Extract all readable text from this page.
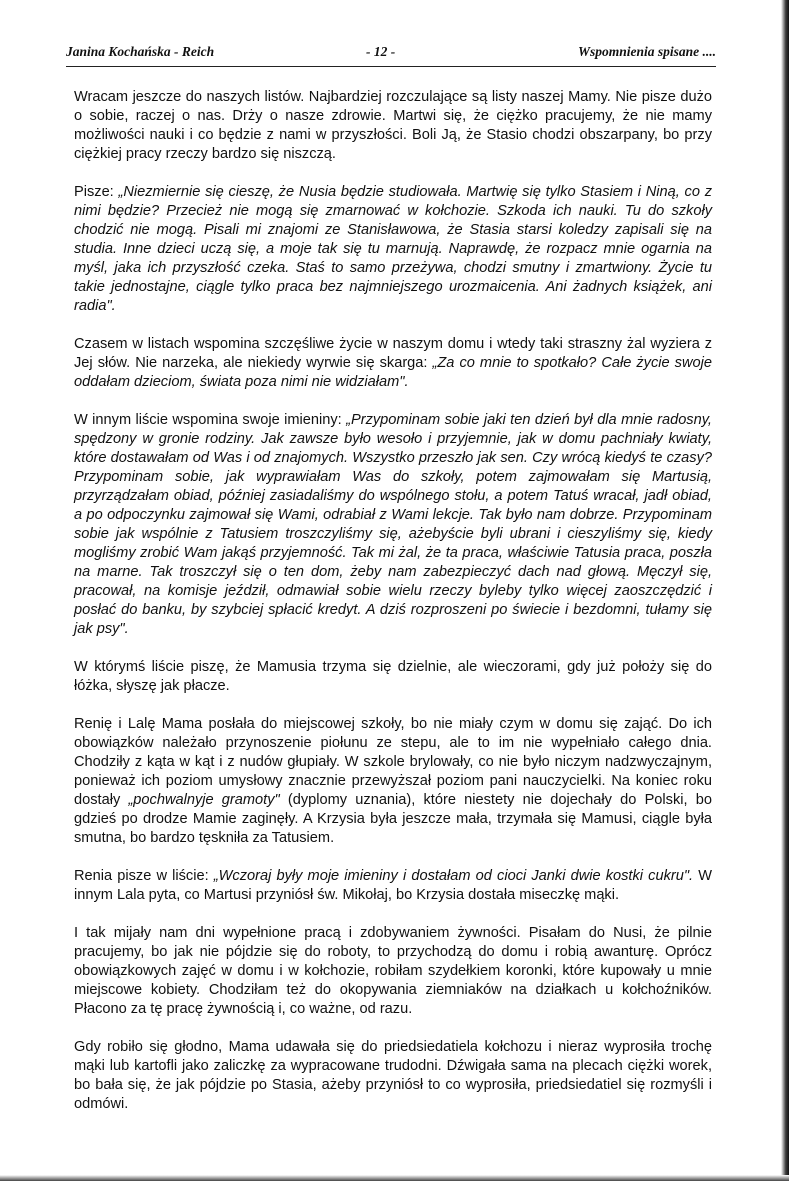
Janina Kochańska - Reich	- 12 -	Wspomnienia spisane ....

Wracam jeszcze do naszych listów. Najbardziej rozczulające są listy naszej Mamy. Nie pisze dużo o sobie, raczej o nas. Drży o nasze zdrowie. Martwi się, że ciężko pracujemy, że nie mamy możliwości nauki i co będzie z nami w przyszłości. Boli Ją, że Stasio chodzi obszarpany, bo przy ciężkiej pracy rzeczy bardzo się niszczą.

Pisze: „Niezmiernie się cieszę, że Nusia będzie studiowała. Martwię się tylko Stasiem i Niną, co z nimi będzie? Przecież nie mogą się zmarnować w kołchozie. Szkoda ich nauki. Tu do szkoły chodzić nie mogą. Pisali mi znajomi ze Stanisławowa, że Stasia starsi koledzy zapisali się na studia. Inne dzieci uczą się, a moje tak się tu marnują. Naprawdę, że rozpacz mnie ogarnia na myśl, jaka ich przyszłość czeka. Staś to samo przeżywa, chodzi smutny i zmartwiony. Życie tu takie jednostajne, ciągle tylko praca bez najmniejszego urozmaicenia. Ani żadnych książek, ani radia".

Czasem w listach wspomina szczęśliwe życie w naszym domu i wtedy taki straszny żal wyziera z Jej słów. Nie narzeka, ale niekiedy wyrwie się skarga: „Za co mnie to spotkało? Całe życie swoje oddałam dzieciom, świata poza nimi nie widziałam".

W innym liście wspomina swoje imieniny: „Przypominam sobie jaki ten dzień był dla mnie radosny, spędzony w gronie rodziny. Jak zawsze było wesoło i przyjemnie, jak w domu pachniały kwiaty, które dostawałam od Was i od znajomych. Wszystko przeszło jak sen. Czy wrócą kiedyś te czasy? Przypominam sobie, jak wyprawiałam Was do szkoły, potem zajmowałam się Martusią, przyrządzałam obiad, później zasiadaliśmy do wspólnego stołu, a potem Tatuś wracał, jadł obiad, a po odpoczynku zajmował się Wami, odrabiał z Wami lekcje. Tak było nam dobrze. Przypominam sobie jak wspólnie z Tatusiem troszczyliśmy się, ażebyście byli ubrani i cieszyliśmy się, kiedy mogliśmy zrobić Wam jakąś przyjemność. Tak mi żal, że ta praca, właściwie Tatusia praca, poszła na marne. Tak troszczył się o ten dom, żeby nam zabezpieczyć dach nad głową. Męczył się, pracował, na komisje jeździł, odmawiał sobie wielu rzeczy byleby tylko więcej zaoszczędzić i posłać do banku, by szybciej spłacić kredyt. A dziś rozproszeni po świecie i bezdomni, tułamy się jak psy".

W którymś liście piszę, że Mamusia trzyma się dzielnie, ale wieczorami, gdy już położy się do łóżka, słyszę jak płacze.

Renię i Lalę Mama posłała do miejscowej szkoły, bo nie miały czym w domu się zająć. Do ich obowiązków należało przynoszenie piołunu ze stepu, ale to im nie wypełniało całego dnia. Chodziły z kąta w kąt i z nudów głupiały. W szkole brylowały, co nie było niczym nadzwyczajnym, ponieważ ich poziom umysłowy znacznie przewyższał poziom pani nauczycielki. Na koniec roku dostały „pochwalnyje gramoty" (dyplomy uznania), które niestety nie dojechały do Polski, bo gdzieś po drodze Mamie zaginęły. A Krzysia była jeszcze mała, trzymała się Mamusi, ciągle była smutna, bo bardzo tęskniła za Tatusiem.

Renia pisze w liście: „Wczoraj były moje imieniny i dostałam od cioci Janki dwie kostki cukru". W innym Lala pyta, co Martusi przyniósł św. Mikołaj, bo Krzysia dostała miseczkę mąki.

I tak mijały nam dni wypełnione pracą i zdobywaniem żywności. Pisałam do Nusi, że pilnie pracujemy, bo jak nie pójdzie się do roboty, to przychodzą do domu i robią awanturę. Oprócz obowiązkowych zajęć w domu i w kołchozie, robiłam szydełkiem koronki, które kupowały u mnie miejscowe kobiety. Chodziłam też do okopywania ziemniaków na działkach u kołchoźników. Płacono za tę pracę żywnością i, co ważne, od razu.

Gdy robiło się głodno, Mama udawała się do priedsiedatiela kołchozu i nieraz wyprosiła trochę mąki lub kartofli jako zaliczkę za wypracowane trudodni. Dźwigała sama na plecach ciężki worek, bo bała się, że jak pójdzie po Stasia, ażeby przyniósł to co wyprosiła, priedsiedatiel się rozmyśli i odmówi.
